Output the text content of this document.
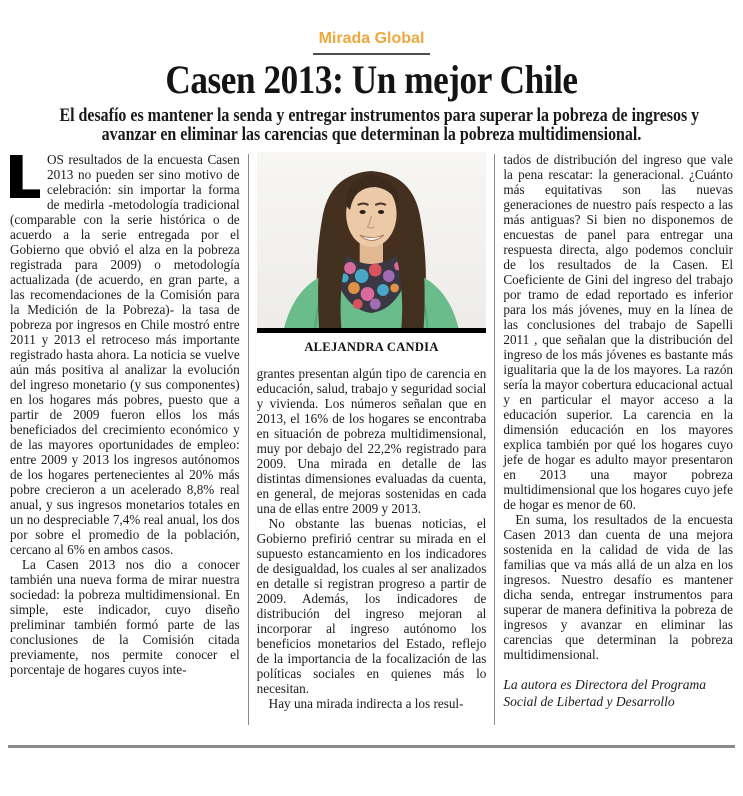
Mirada Global
Casen 2013: Un mejor Chile
El desafío es mantener la senda y entregar instrumentos para superar la pobreza de ingresos y
avanzar en eliminar las carencias que determinan la pobreza multidimensional.

OS resultados de la encuesta Casen 2013 no pueden ser sino motivo de celebración: sin importar la forma de medirla -metodología tradicional (comparable con la serie histórica o de acuerdo a la serie entregada por el Gobierno que obvió el alza en la pobreza registrada para 2009) o metodología actualizada (de acuerdo, en gran parte, a las recomendaciones de la Comisión para la Medición de la Pobreza)- la tasa de pobreza por ingresos en Chile mostró entre 2011 y 2013 el retroceso más importante registrado hasta ahora. La noticia se vuelve aún más positiva al analizar la evolución del ingreso monetario (y sus componentes) en los hogares más pobres, puesto que a partir de 2009 fueron ellos los más beneficiados del crecimiento económico y de las mayores oportunidades de empleo: entre 2009 y 2013 los ingresos autónomos de los hogares pertenecientes al 20% más pobre crecieron a un acelerado 8,8% real anual, y sus ingresos monetarios totales en un no despreciable 7,4% real anual, los dos por sobre el promedio de la población, cercano al 6% en ambos casos.

La Casen 2013 nos dio a conocer también una nueva forma de mirar nuestra sociedad: la pobreza multidimensional. En simple, este indicador, cuyo diseño preliminar también formó parte de las conclusiones de la Comisión citada previamente, nos permite conocer el porcentaje de hogares cuyos inte-

ALEJANDRA CANDIA

grantes presentan algún tipo de carencia en educación, salud, trabajo y seguridad social y vivienda. Los números señalan que en 2013, el 16% de los hogares se encontraba en situación de pobreza multidimensional, muy por debajo del 22,2% registrado para 2009. Una mirada en detalle de las distintas dimensiones evaluadas da cuenta, en general, de mejoras sostenidas en cada una de ellas entre 2009 y 2013.

No obstante las buenas noticias, el Gobierno prefirió centrar su mirada en el supuesto estancamiento en los indicadores de desigualdad, los cuales al ser analizados en detalle si registran progreso a partir de 2009. Además, los indicadores de distribución del ingreso mejoran al incorporar al ingreso autónomo los beneficios monetarios del Estado, reflejo de la importancia de la focalización de las políticas sociales en quienes más lo necesitan.

Hay una mirada indirecta a los resul-

tados de distribución del ingreso que vale la pena rescatar: la generacional. ¿Cuánto más equitativas son las nuevas generaciones de nuestro país respecto a las más antiguas? Si bien no disponemos de encuestas de panel para entregar una respuesta directa, algo podemos concluir de los resultados de la Casen. El Coeficiente de Gini del ingreso del trabajo por tramo de edad reportado es inferior para los más jóvenes, muy en la línea de las conclusiones del trabajo de Sapelli 2011 , que señalan que la distribución del ingreso de los más jóvenes es bastante más igualitaria que la de los mayores. La razón sería la mayor cobertura educacional actual y en particular el mayor acceso a la educación superior. La carencia en la dimensión educación en los mayores explica también por qué los hogares cuyo jefe de hogar es adulto mayor presentaron en 2013 una mayor pobreza multidimensional que los hogares cuyo jefe de hogar es menor de 60.

En suma, los resultados de la encuesta Casen 2013 dan cuenta de una mejora sostenida en la calidad de vida de las familias que va más allá de un alza en los ingresos. Nuestro desafío es mantener dicha senda, entregar instrumentos para superar de manera definitiva la pobreza de ingresos y avanzar en eliminar las carencias que determinan la pobreza multidimensional.

La autora es Directora del Programa Social de Libertad y Desarrollo
